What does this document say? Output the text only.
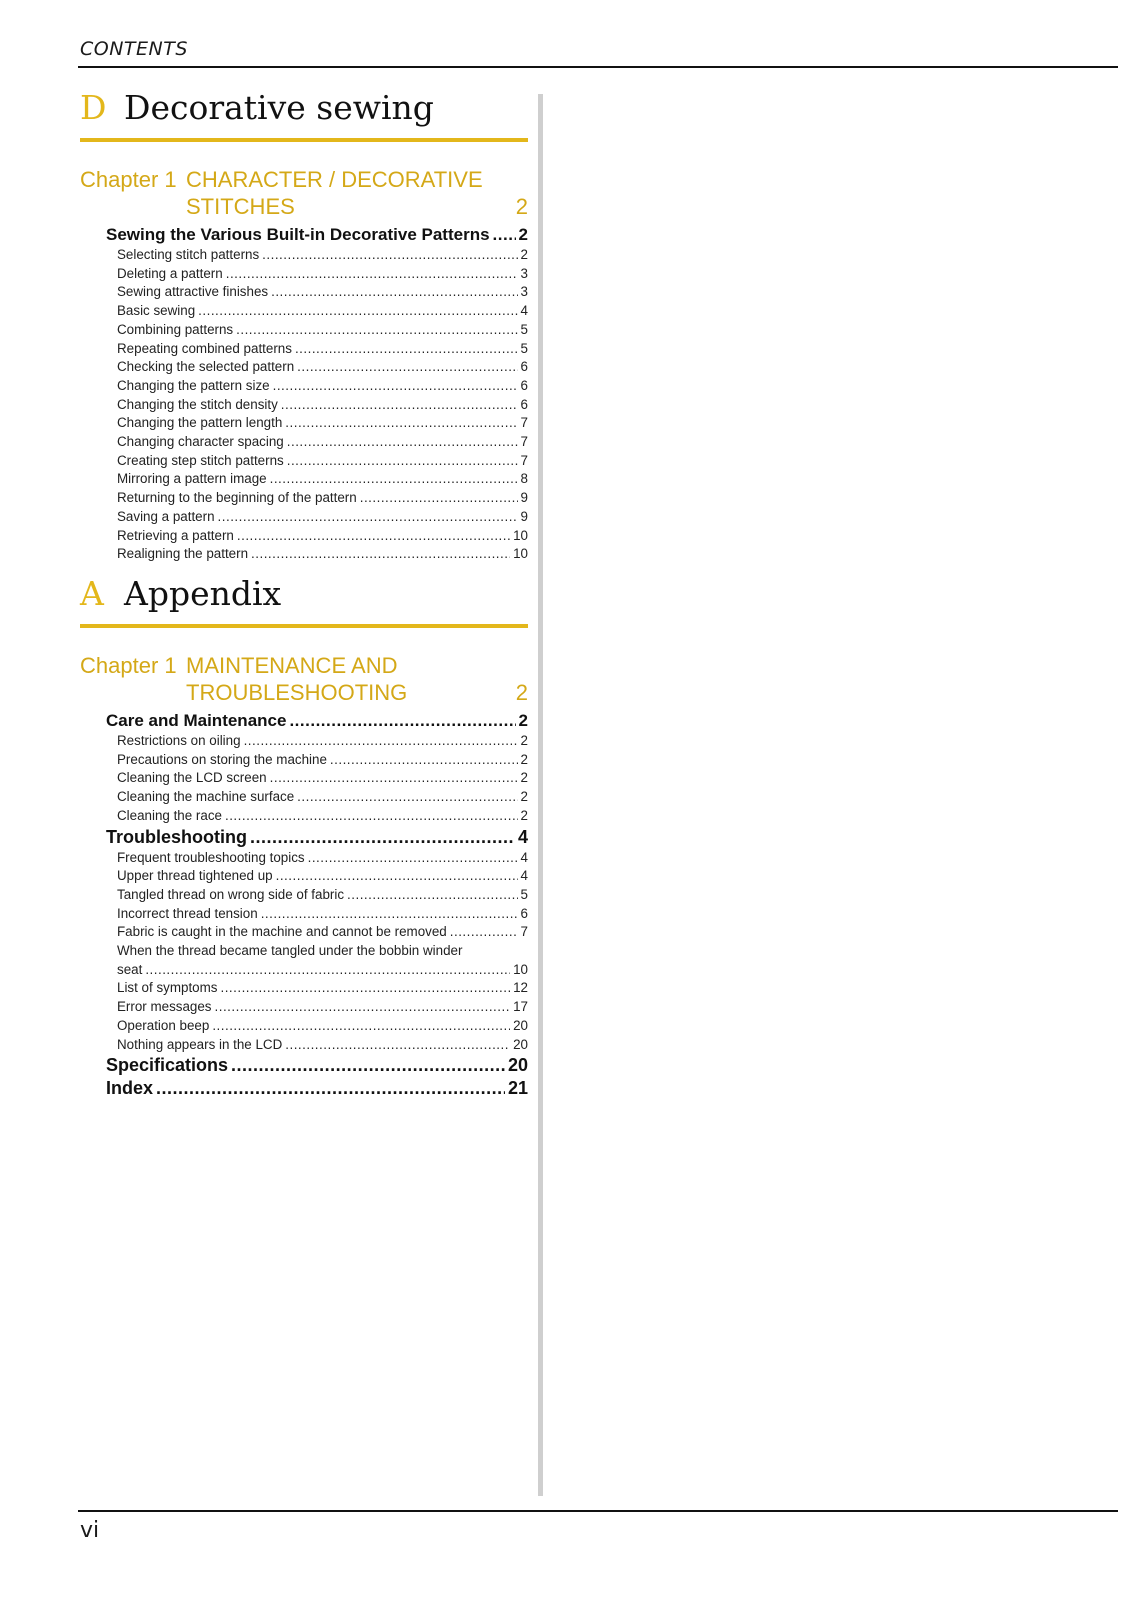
CONTENTS
D Decorative sewing
Chapter 1 CHARACTER / DECORATIVE
STITCHES	2
Sewing the Various Built-in Decorative Patterns ..... 2
Selecting stitch patterns .....	2
Deleting a pattern .....	3
Sewing attractive finishes .....	3
Basic sewing .....	4
Combining patterns .....	5
Repeating combined patterns .....	5
Checking the selected pattern .....	6
Changing the pattern size .....	6
Changing the stitch density .....	6
Changing the pattern length .....	7
Changing character spacing .....	7
Creating step stitch patterns .....	7
Mirroring a pattern image .....	8
Returning to the beginning of the pattern .....	9
Saving a pattern .....	9
Retrieving a pattern .....	10
Realigning the pattern .....	10
A Appendix
Chapter 1 MAINTENANCE AND
TROUBLESHOOTING	2
Care and Maintenance .....	2
Restrictions on oiling .....	2
Precautions on storing the machine .....	2
Cleaning the LCD screen .....	2
Cleaning the machine surface .....	2
Cleaning the race .....	2
Troubleshooting .....	4
Frequent troubleshooting topics .....	4
Upper thread tightened up .....	4
Tangled thread on wrong side of fabric .....	5
Incorrect thread tension .....	6
Fabric is caught in the machine and cannot be removed .....	7
When the thread became tangled under the bobbin winder
seat .....	10
List of symptoms .....	12
Error messages .....	17
Operation beep .....	20
Nothing appears in the LCD .....	20
Specifications .....	20
Index .....	21
vi
